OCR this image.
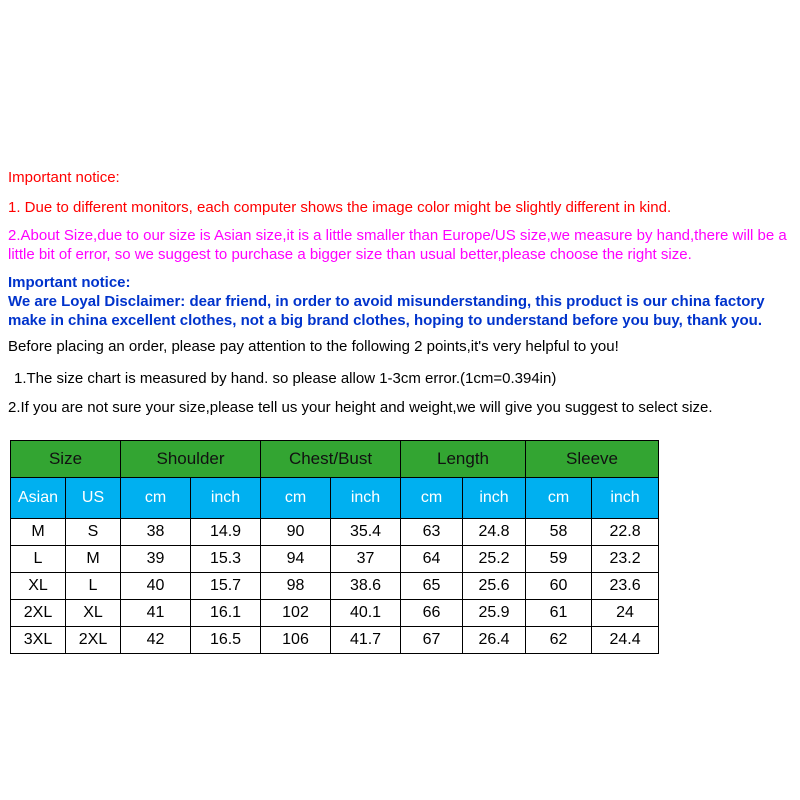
Important notice:

1. Due to different monitors, each computer shows the image color might be slightly different in kind.

2.About Size,due to our size is Asian size,it is a little smaller than Europe/US size,we measure by hand,there will be a little bit of error, so we suggest to purchase a bigger size than usual better,please choose the right size.

Important notice:

We are Loyal Disclaimer: dear friend, in order to avoid misunderstanding, this product is our china factory make in china excellent clothes, not a big brand clothes, hoping to understand before you buy, thank you.

Before placing an order, please pay attention to the following 2 points,it's very helpful to you!

1.The size chart is measured by hand. so please allow 1-3cm error.(1cm=0.394in)

2.If you are not sure your size,please tell us your height and weight,we will give you suggest to select size.

Size		Shoulder		Chest/Bust		Length		Sleeve	
Asian	US	cm	inch	cm	inch	cm	inch	cm	inch
M	S	38	14.9	90	35.4	63	24.8	58	22.8
L	M	39	15.3	94	37	64	25.2	59	23.2
XL	L	40	15.7	98	38.6	65	25.6	60	23.6
2XL	XL	41	16.1	102	40.1	66	25.9	61	24
3XL	2XL	42	16.5	106	41.7	67	26.4	62	24.4
